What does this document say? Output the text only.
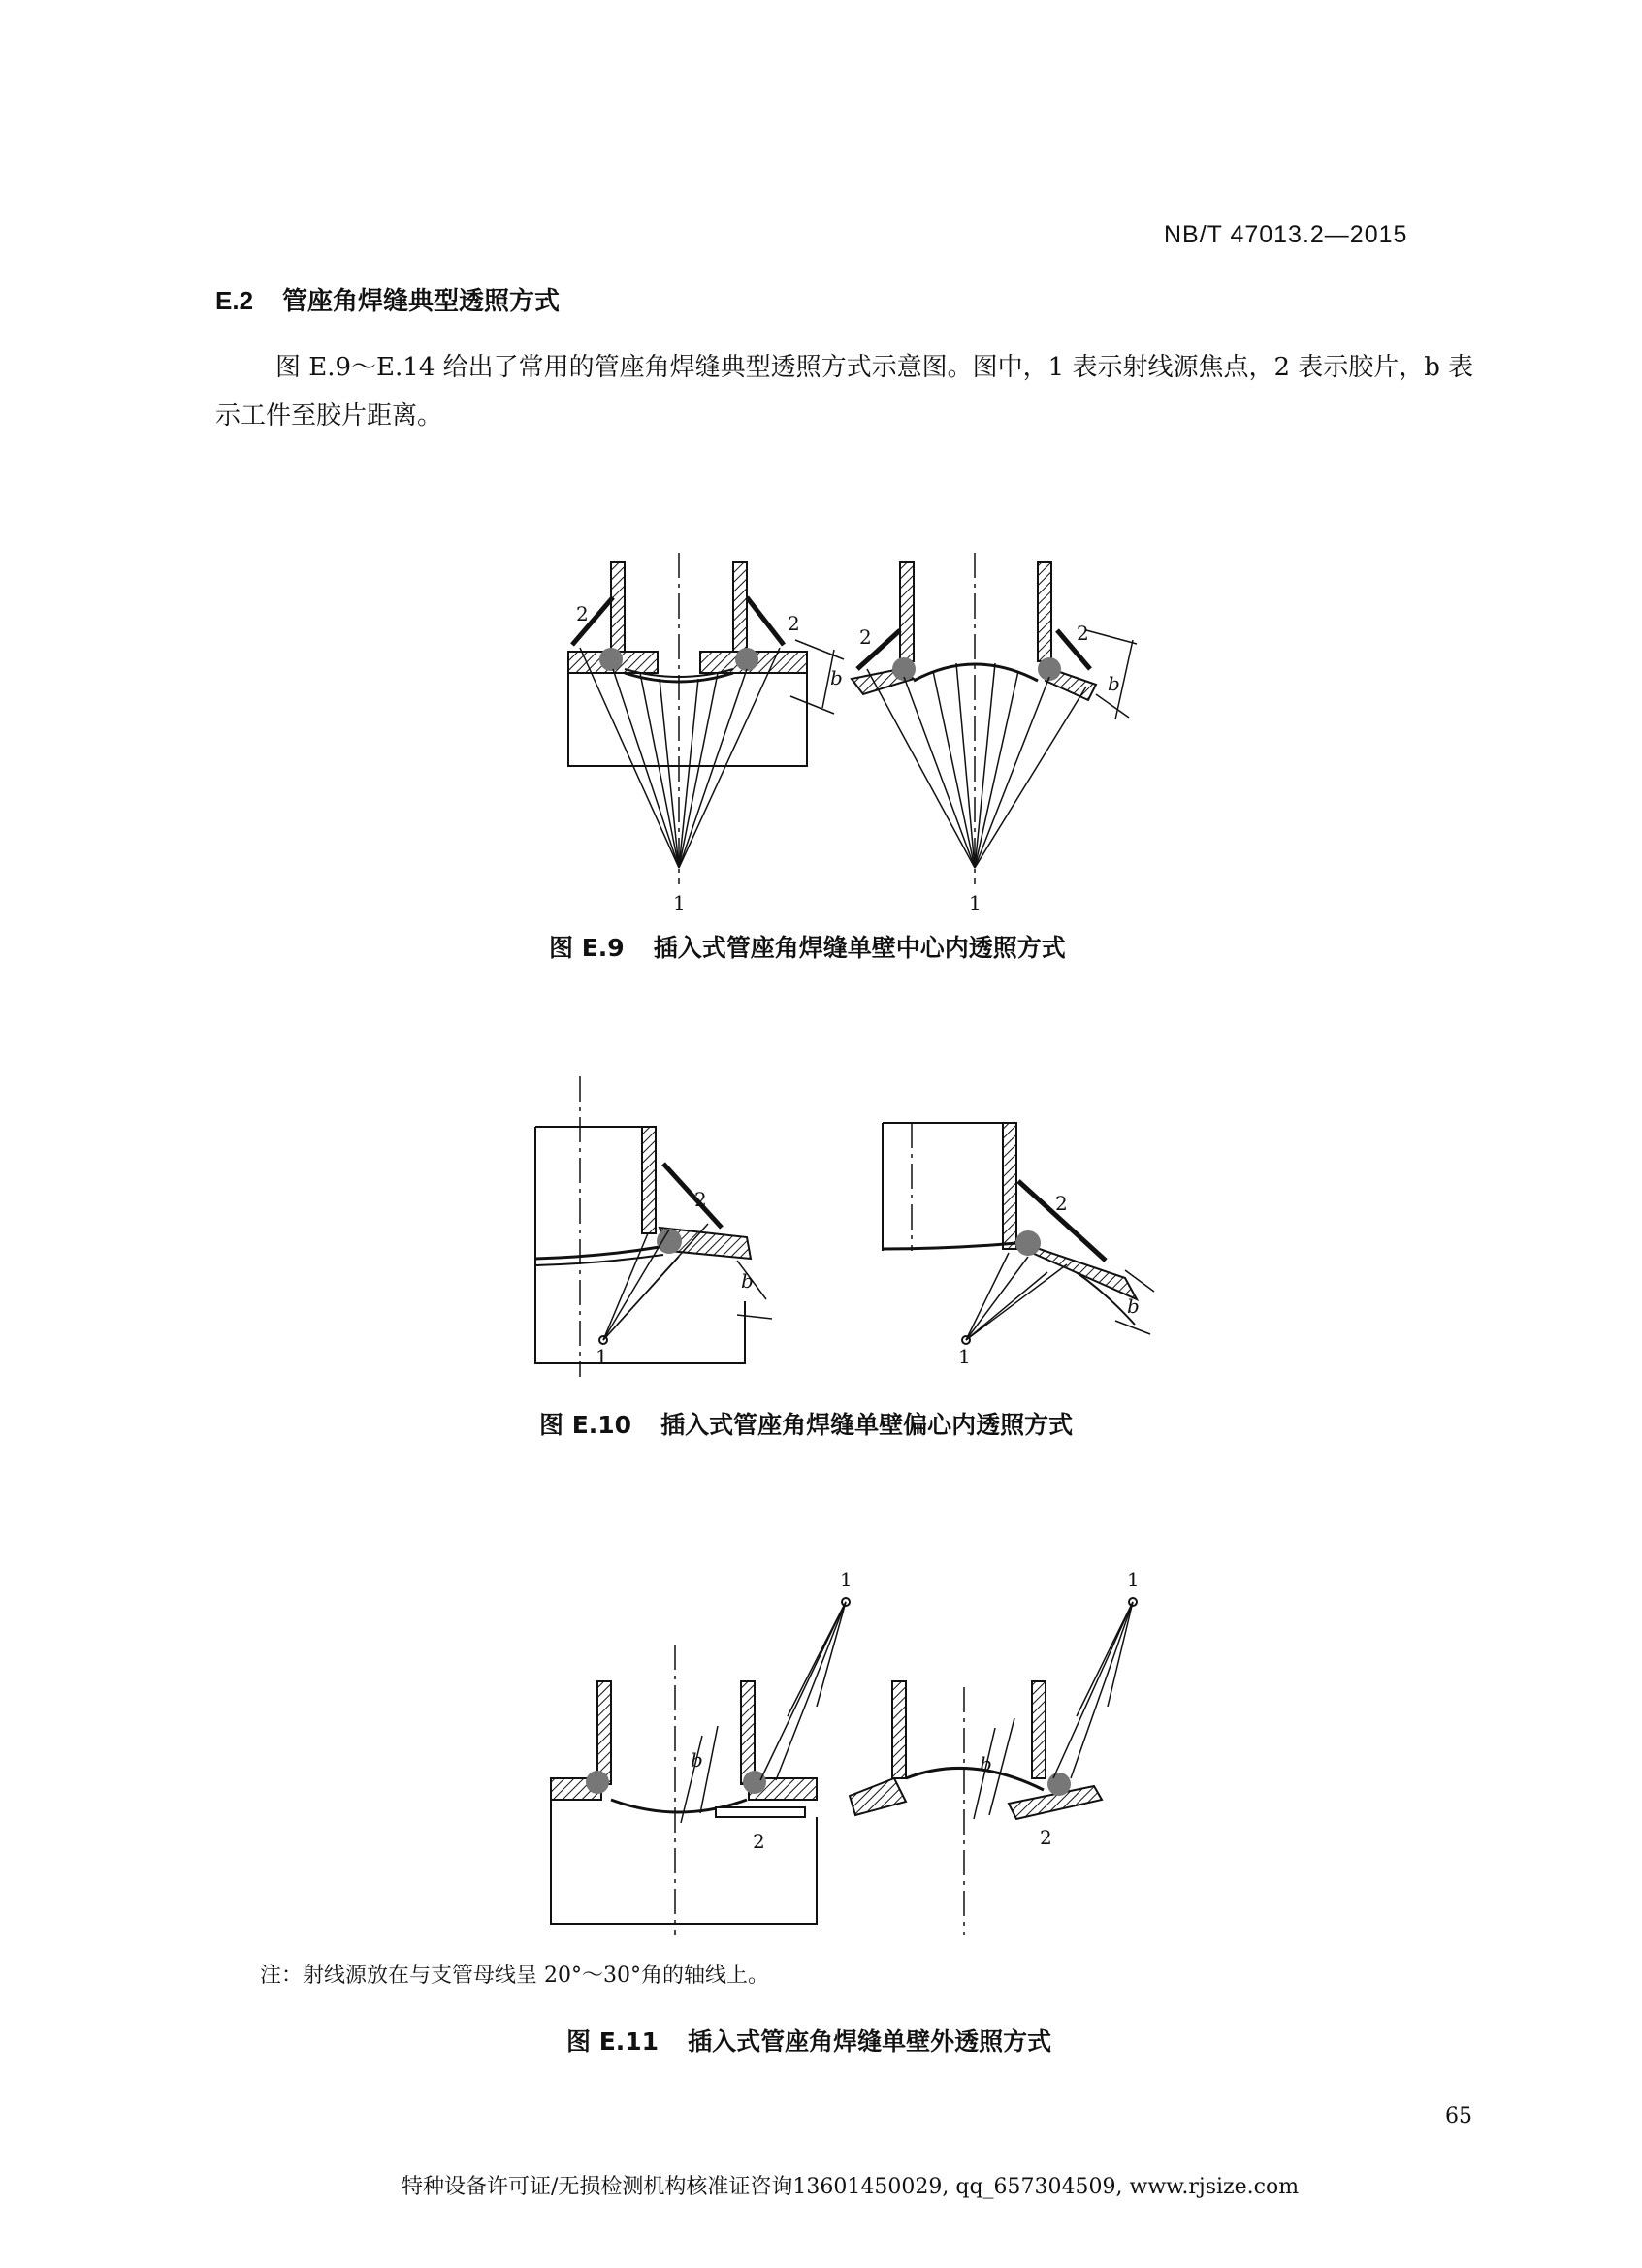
NB/T 47013.2—2015
E.2 管座角焊缝典型透照方式
图 E.9～E.14 给出了常用的管座角焊缝典型透照方式示意图。图中，1 表示射线源焦点，2 表示胶片，b 表示工件至胶片距离。
2	2
b
1
2	2
b
1
2
b
1
2
b
1
1
b
2
1
b
2
图 E.9 插入式管座角焊缝单壁中心内透照方式
图 E.10 插入式管座角焊缝单壁偏心内透照方式
注：射线源放在与支管母线呈 20°～30°角的轴线上。
图 E.11 插入式管座角焊缝单壁外透照方式
65
特种设备许可证/无损检测机构核准证咨询13601450029, qq_657304509, www.rjsize.com
